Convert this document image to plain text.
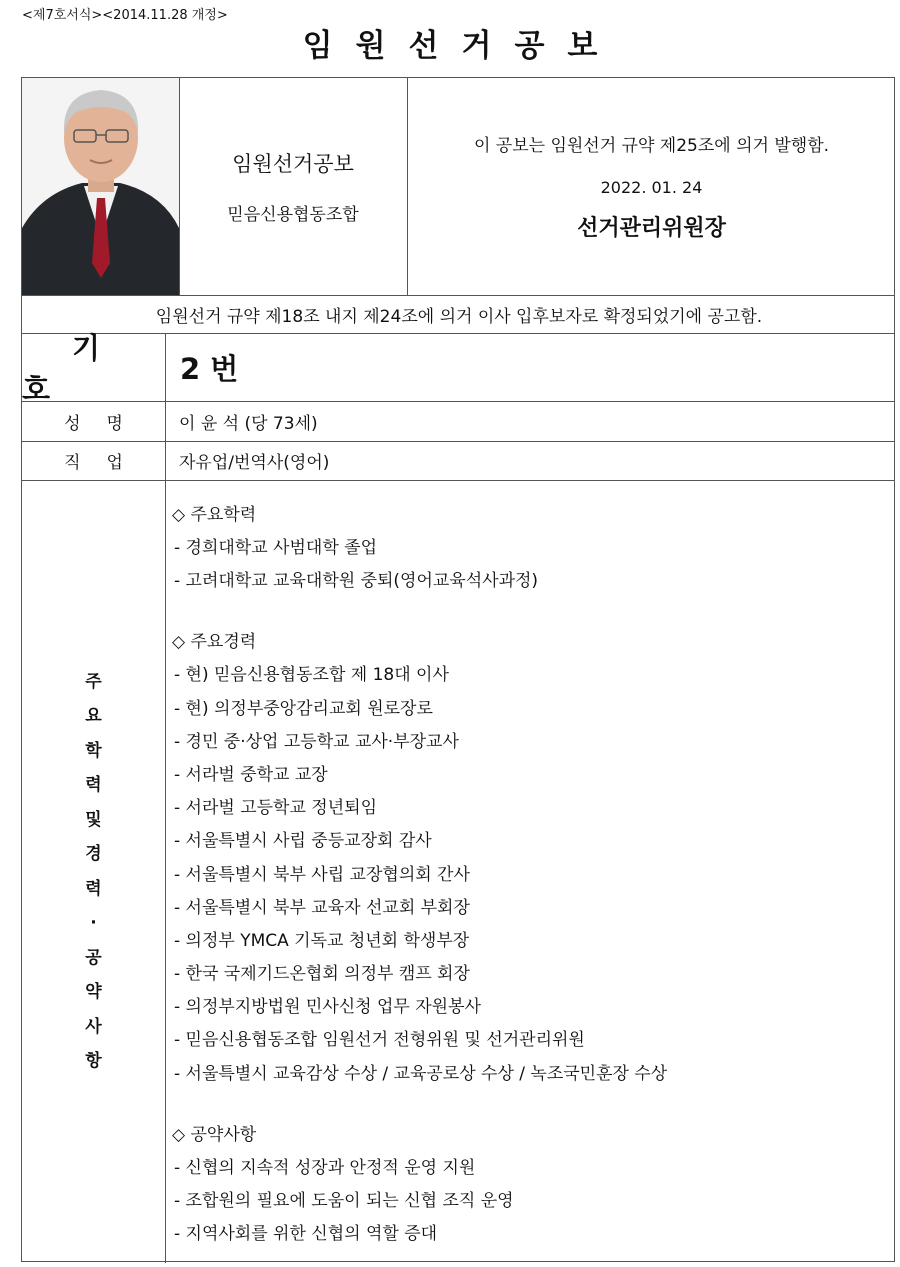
<제7호서식><2014.11.28 개정>
임원선거공보
임원선거공보
믿음신용협동조합
이 공보는 임원선거 규약 제25조에 의거 발행함.
2022. 01. 24
선거관리위원장
임원선거 규약 제18조 내지 제24조에 의거 이사 입후보자로 확정되었기에 공고함.
기호
2 번
성명	이 윤 석 (당 73세)
직업	자유업/번역사(영어)
주
요
학
력
및
경
력
·
공
약
사
항
◇ 주요학력
- 경희대학교 사범대학 졸업
- 고려대학교 교육대학원 중퇴(영어교육석사과정)
◇ 주요경력
- 현) 믿음신용협동조합 제 18대 이사
- 현) 의정부중앙감리교회 원로장로
- 경민 중·상업 고등학교 교사·부장교사
- 서라벌 중학교 교장
- 서라벌 고등학교 정년퇴임
- 서울특별시 사립 중등교장회 감사
- 서울특별시 북부 사립 교장협의회 간사
- 서울특별시 북부 교육자 선교회 부회장
- 의정부 YMCA 기독교 청년회 학생부장
- 한국 국제기드온협회 의정부 캠프 회장
- 의정부지방법원 민사신청 업무 자원봉사
- 믿음신용협동조합 임원선거 전형위원 및 선거관리위원
- 서울특별시 교육감상 수상 / 교육공로상 수상 / 녹조국민훈장 수상
◇ 공약사항
- 신협의 지속적 성장과 안정적 운영 지원
- 조합원의 필요에 도움이 되는 신협 조직 운영
- 지역사회를 위한 신협의 역할 증대
